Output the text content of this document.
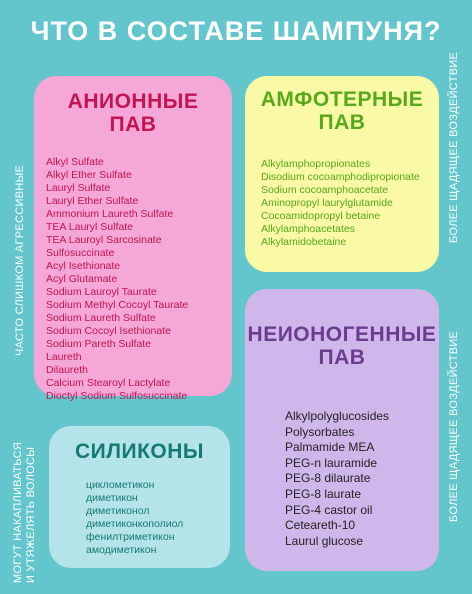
ЧТО В СОСТАВЕ ШАМПУНЯ?
ЧАСТО СЛИШКОМ АГРЕССИВНЫЕ
МОГУТ НАКАПЛИВАТЬСЯ И УТЯЖЕЛЯТЬ ВОЛОСЫ
БОЛЕЕ ЩАДЯЩЕЕ ВОЗДЕЙСТВИЕ
БОЛЕЕ ЩАДЯЩЕЕ ВОЗДЕЙСТВИЕ
АНИОННЫЕ
ПАВ
Alkyl Sulfate
Alkyl Ether Sulfate
Lauryl Sulfate
Lauryl Ether Sulfate
Ammonium Laureth Sulfate
TEA Lauryl Sulfate
TEA Lauroyl Sarcosinate
Sulfosuccinate
Acyl Isethionate
Acyl Glutamate
Sodium Lauroyl Taurate
Sodium Methyl Cocoyl Taurate
Sodium Laureth Sulfate
Sodium Cocoyl Isethionate
Sodium Pareth Sulfate
Laureth
Dilaureth
Calcium Stearoyl Lactylate
Dioctyl Sodium Sulfosuccinate
АМФОТЕРНЫЕ
ПАВ
Alkylamphopropionates
Disodium cocoamphodipropionate
Sodium cocoamphoacetate
Aminopropyl laurylglutamide
Cocoamidopropyl betaine
Alkylamphoacetates
Alkylamidobetaine
НЕИОНОГЕННЫЕ
ПАВ
Alkylpolyglucosides
Polysorbates
Palmamide MEA
PEG-n lauramide
PEG-8 dilaurate
PEG-8 laurate
PEG-4 castor oil
Ceteareth-10
Laurul glucose
СИЛИКОНЫ
циклометикон
диметикон
диметиконол
диметиконкополиол
фенилтриметикон
амодиметикон
